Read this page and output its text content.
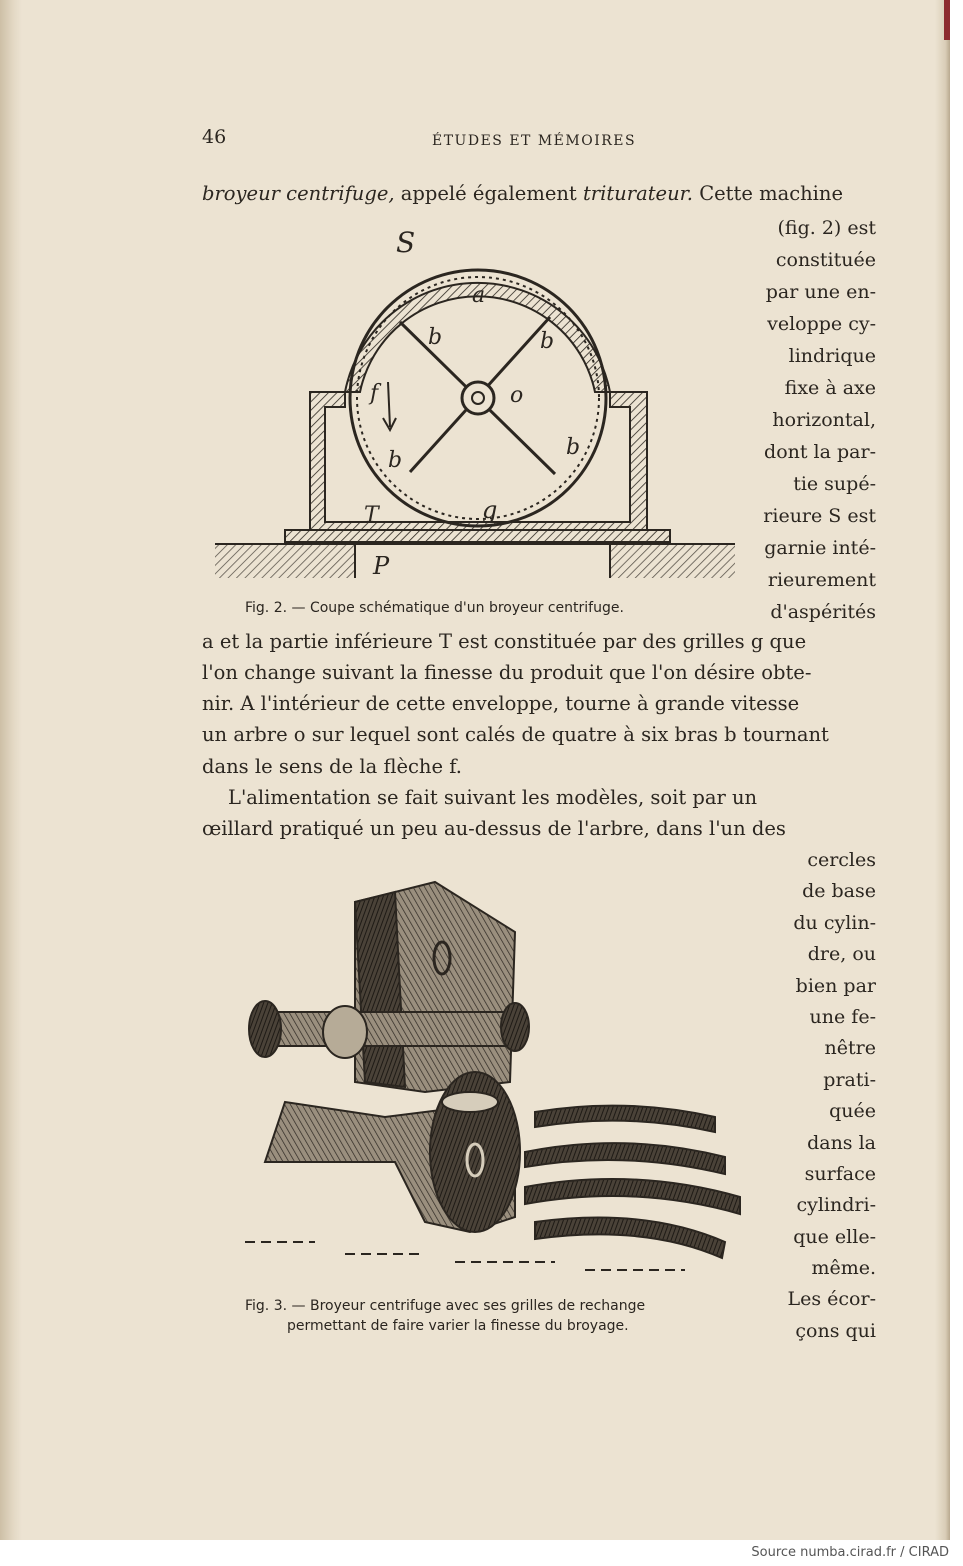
46	ÉTUDES ET MÉMOIRES
broyeur centrifuge, appelé également triturateur. Cette machine
S
a
b	b
o
f
b
b
g
T
P
(fig. 2) est
constituée
par une en-
veloppe cy-
lindrique
fixe à axe
horizontal,
dont la par-
tie supé-
rieure S est
garnie inté-
rieurement
d'aspérités
Fig. 2. — Coupe schématique d'un broyeur centrifuge.
a et la partie inférieure T est constituée par des grilles g que
l'on change suivant la finesse du produit que l'on désire obte-
nir. A l'intérieur de cette enveloppe, tourne à grande vitesse
un arbre o sur lequel sont calés de quatre à six bras b tournant
dans le sens de la flèche f.
L'alimentation se fait suivant les modèles, soit par un
œillard pratiqué un peu au-dessus de l'arbre, dans l'un des
cercles
de base
du cylin-
dre, ou
bien par
une fe-
nêtre
prati-
quée
dans la
surface
cylindri-
que elle-
même.
Les écor-
çons qui
Fig. 3. — Broyeur centrifuge avec ses grilles de rechange
permettant de faire varier la finesse du broyage.
Source numba.cirad.fr / CIRAD
